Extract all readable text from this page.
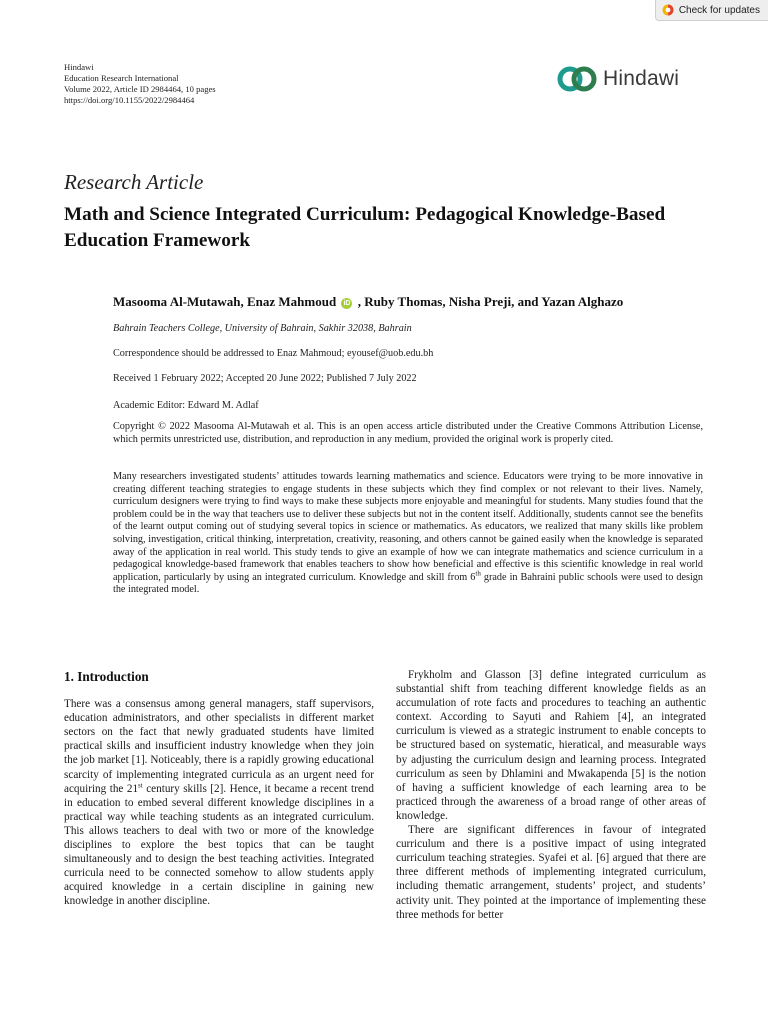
Check for updates
Hindawi
Education Research International
Volume 2022, Article ID 2984464, 10 pages
https://doi.org/10.1155/2022/2984464
Hindawi
Research Article
Math and Science Integrated Curriculum: Pedagogical Knowledge-Based Education Framework
Masooma Al-Mutawah, Enaz Mahmoud iD , Ruby Thomas, Nisha Preji, and Yazan Alghazo
Bahrain Teachers College, University of Bahrain, Sakhir 32038, Bahrain
Correspondence should be addressed to Enaz Mahmoud; eyousef@uob.edu.bh
Received 1 February 2022; Accepted 20 June 2022; Published 7 July 2022
Academic Editor: Edward M. Adlaf

Copyright © 2022 Masooma Al-Mutawah et al. This is an open access article distributed under the Creative Commons Attribution License, which permits unrestricted use, distribution, and reproduction in any medium, provided the original work is properly cited.

Many researchers investigated students’ attitudes towards learning mathematics and science. Educators were trying to be more innovative in creating different teaching strategies to engage students in these subjects which they find complex or not relevant to their lives. Namely, curriculum designers were trying to find ways to make these subjects more enjoyable and meaningful for students. Many studies found that the problem could be in the way that teachers use to deliver these subjects but not in the content itself. Additionally, students cannot see the benefits of the learnt output coming out of studying several topics in science or mathematics. As educators, we realized that many skills like problem solving, investigation, critical thinking, interpretation, creativity, reasoning, and others cannot be gained easily when the knowledge is separated away of the application in real world. This study tends to give an example of how we can integrate mathematics and science curriculum in a pedagogical knowledge-based framework that enables teachers to show how beneficial and effective is this scientific knowledge in real world application, particularly by using an integrated curriculum. Knowledge and skill from 6th grade in Bahraini public schools were used to design the integrated model.

1. Introduction

There was a consensus among general managers, staff supervisors, education administrators, and other specialists in different market sectors on the fact that newly graduated students have limited practical skills and insufficient industry knowledge when they join the job market [1]. Noticeably, there is a rapidly growing educational scarcity of implementing integrated curricula as an urgent need for acquiring the 21st century skills [2]. Hence, it became a recent trend in education to embed several different knowledge disciplines in a practical way while teaching students as an integrated curriculum. This allows teachers to deal with two or more of the knowledge disciplines to explore the best topics that can be taught simultaneously and to design the best teaching activities. Integrated curricula need to be connected somehow to allow students apply acquired knowledge in a certain discipline in gaining new knowledge in another discipline.

Frykholm and Glasson [3] define integrated curriculum as substantial shift from teaching different knowledge fields as an accumulation of rote facts and procedures to teaching an authentic context. According to Sayuti and Rahiem [4], an integrated curriculum is viewed as a strategic instrument to enable concepts to be structured based on systematic, hieratical, and measurable ways by adjusting the curriculum design and learning process. Integrated curriculum as seen by Dhlamini and Mwakapenda [5] is the notion of having a sufficient knowledge of each learning area to be practiced through the awareness of a broad range of other areas of knowledge.

There are significant differences in favour of integrated curriculum and there is a positive impact of using integrated curriculum teaching strategies. Syafei et al. [6] argued that there are three different methods of implementing integrated curriculum, including thematic arrangement, students’ project, and students’ activity unit. They pointed at the importance of implementing these three methods for better
